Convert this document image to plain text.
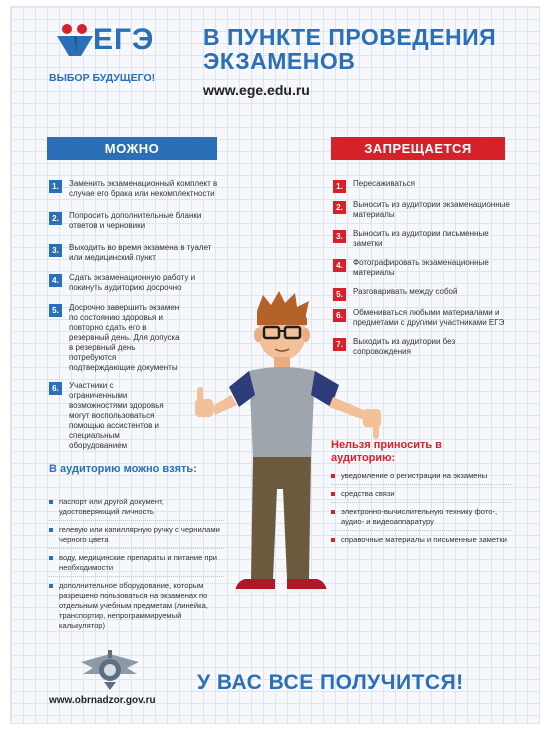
ЕГЭ
ВЫБОР БУДУЩЕГО!
В ПУНКТЕ ПРОВЕДЕНИЯ ЭКЗАМЕНОВ
www.ege.edu.ru
МОЖНО	ЗАПРЕЩАЕТСЯ
1.	Заменить экзаменационный комплект в случае его брака или некомплектности
2.	Попросить дополнительные бланки ответов и черновики
3.	Выходить во время экзамена в туалет или медицинский пункт
4.	Сдать экзаменационную работу и покинуть аудиторию досрочно
5.	Досрочно завершить экзамен по состоянию здоровья и повторно сдать его в резервный день. Для допуска в резервный день потребуются подтверждающие документы
6.	Участники с ограниченными возможностями здоровья могут воспользоваться помощью ассистентов и специальным оборудованием
1.	Пересаживаться
2.	Выносить из аудитории экзаменационные материалы
3.	Выносить из аудитории письменные заметки
4.	Фотографировать экзаменационные материалы
5.	Разговаривать между собой
6.	Обмениваться любыми материалами и предметами с другими участниками ЕГЭ
7.	Выходить из аудитории без сопровождения
В аудиторию можно взять:
паспорт или другой документ, удостоверяющий личность
гелевую или капиллярную ручку с чернилами черного цвета
воду, медицинские препараты и питание при необходимости
дополнительное оборудование, которым разрешено пользоваться на экзаменах по отдельным учебным предметам (линейка, транспортир, непрограммируемый калькулятор)
Нельзя приносить в аудиторию:
уведомление о регистрации на экзамены
средства связи
электронно-вычислительную технику фото-, аудио- и видеоаппаратуру
справочные материалы и письменные заметки
www.obrnadzor.gov.ru
У ВАС ВСЕ ПОЛУЧИТСЯ!
